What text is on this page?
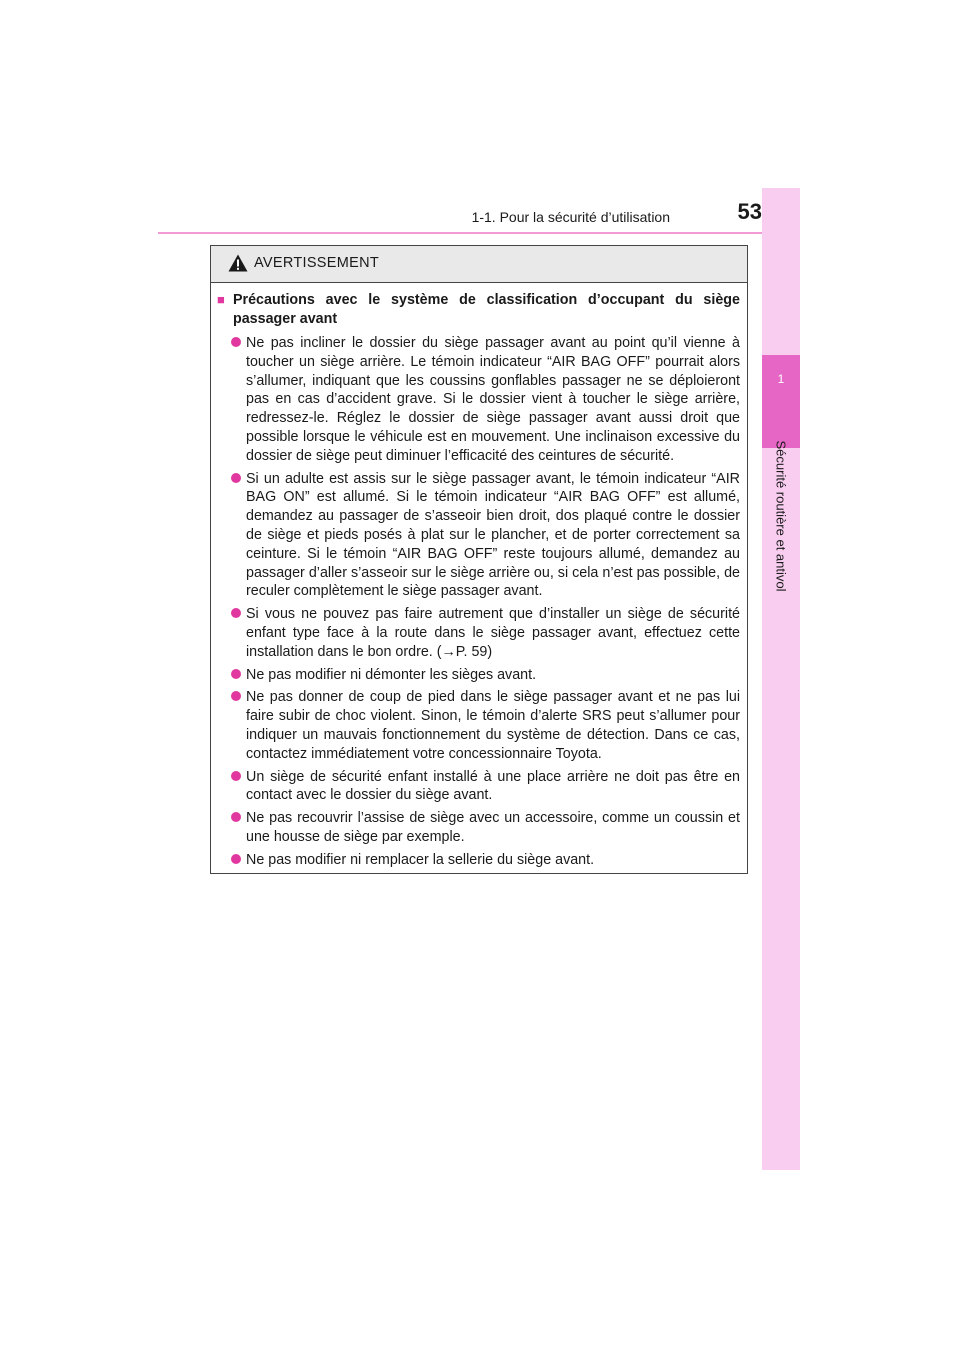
1-1. Pour la sécurité d’utilisation	53
1
Sécurité routière et antivol
AVERTISSEMENT
■ Précautions avec le système de classification d’occupant du siège passager avant
Ne pas incliner le dossier du siège passager avant au point qu’il vienne à toucher un siège arrière. Le témoin indicateur “AIR BAG OFF” pourrait alors s’allumer, indiquant que les coussins gonflables passager ne se déploieront pas en cas d’accident grave. Si le dossier vient à toucher le siège arrière, redressez-le. Réglez le dossier de siège passager avant aussi droit que possible lorsque le véhicule est en mouvement. Une inclinaison excessive du dossier de siège peut diminuer l’efficacité des ceintures de sécurité.
Si un adulte est assis sur le siège passager avant, le témoin indicateur “AIR BAG ON” est allumé. Si le témoin indicateur “AIR BAG OFF” est allumé, demandez au passager de s’asseoir bien droit, dos plaqué contre le dossier de siège et pieds posés à plat sur le plancher, et de porter correctement sa ceinture. Si le témoin “AIR BAG OFF” reste toujours allumé, demandez au passager d’aller s’asseoir sur le siège arrière ou, si cela n’est pas possible, de reculer complètement le siège passager avant.
Si vous ne pouvez pas faire autrement que d’installer un siège de sécurité enfant type face à la route dans le siège passager avant, effectuez cette installation dans le bon ordre. (→P. 59)
Ne pas modifier ni démonter les sièges avant.
Ne pas donner de coup de pied dans le siège passager avant et ne pas lui faire subir de choc violent. Sinon, le témoin d’alerte SRS peut s’allumer pour indiquer un mauvais fonctionnement du système de détection. Dans ce cas, contactez immédiatement votre concessionnaire Toyota.
Un siège de sécurité enfant installé à une place arrière ne doit pas être en contact avec le dossier du siège avant.
Ne pas recouvrir l’assise de siège avec un accessoire, comme un coussin et une housse de siège par exemple.
Ne pas modifier ni remplacer la sellerie du siège avant.
